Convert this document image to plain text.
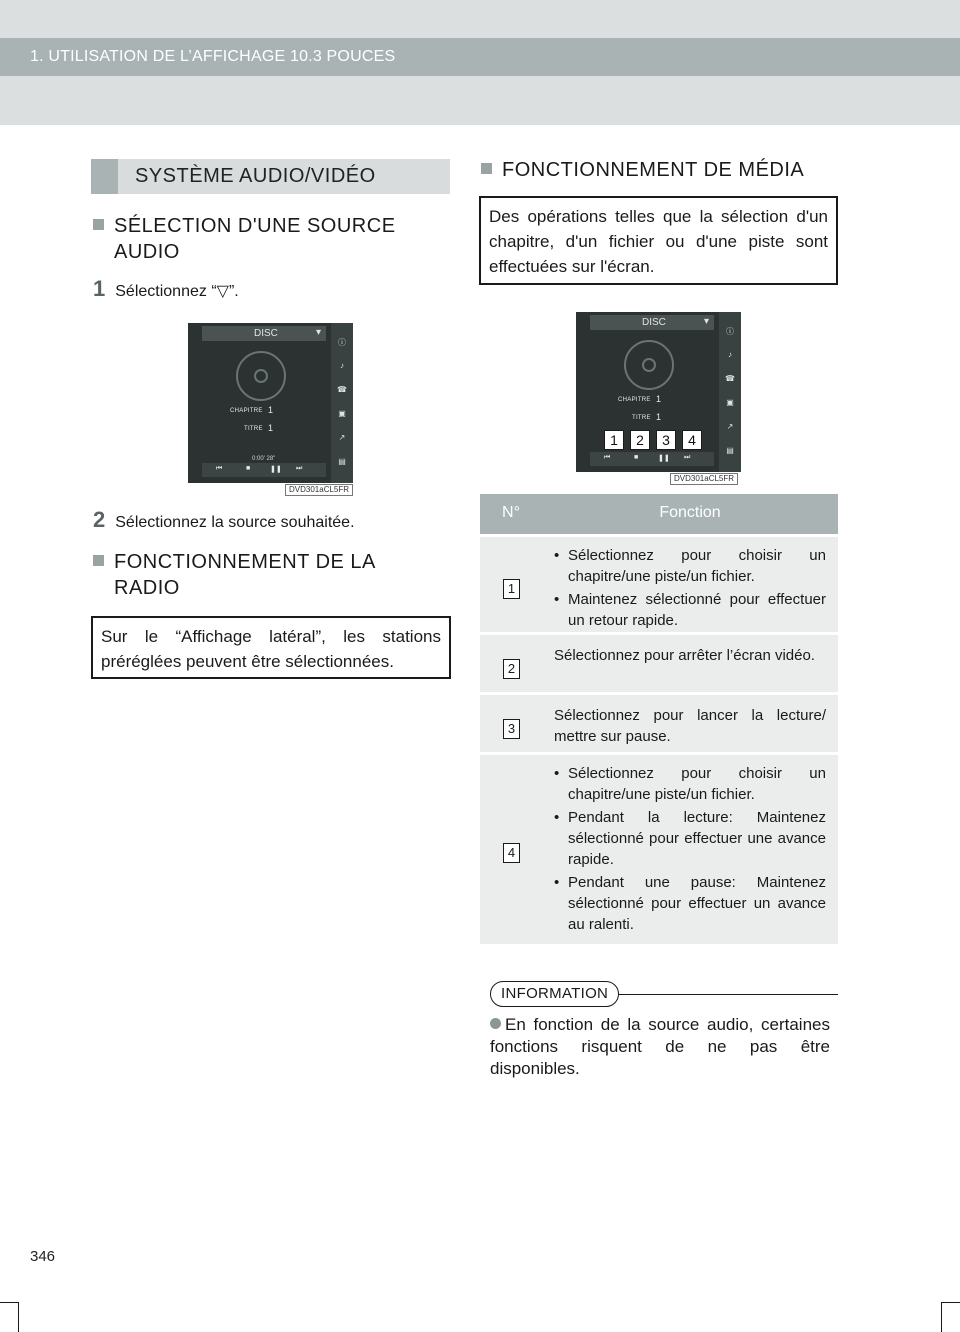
1. UTILISATION DE L’AFFICHAGE 10.3 POUCES
SYSTÈME AUDIO/VIDÉO
SÉLECTION D'UNE SOURCE
AUDIO
1 Sélectionnez “▽”.
DISC	▾
CHAPITRE 1
TITRE 1
0:00' 28"
⏮	■	❚❚ ⏭
ⓘ
♪
☎
▣
↗
▤
DVD301aCL5FR
2 Sélectionnez la source souhaitée.
FONCTIONNEMENT DE LA
RADIO
Sur le “Affichage latéral”, les stations préréglées peuvent être sélectionnées.
FONCTIONNEMENT DE MÉDIA
Des opérations telles que la sélection d'un chapitre, d'un fichier ou d'une piste sont effectuées sur l'écran.
DISC	▾
CHAPITRE 1
TITRE 1
⏮	■	❚❚ ⏭
ⓘ
♪
☎
▣
↗
▤
1	2	3	4
DVD301aCL5FR
N°	Fonction
1
• Sélectionnez pour choisir un chapitre/une piste/un fichier.
• Maintenez sélectionné pour effectuer un retour rapide.
2
Sélectionnez pour arrêter l’écran vidéo.
3
Sélectionnez pour lancer la lecture/ mettre sur pause.
4
• Sélectionnez pour choisir un chapitre/une piste/un fichier.
• Pendant la lecture: Maintenez sélectionné pour effectuer une avance rapide.
• Pendant une pause: Maintenez sélectionné pour effectuer un avance au ralenti.
INFORMATION
En fonction de la source audio, certaines fonctions risquent de ne pas être disponibles.
346
